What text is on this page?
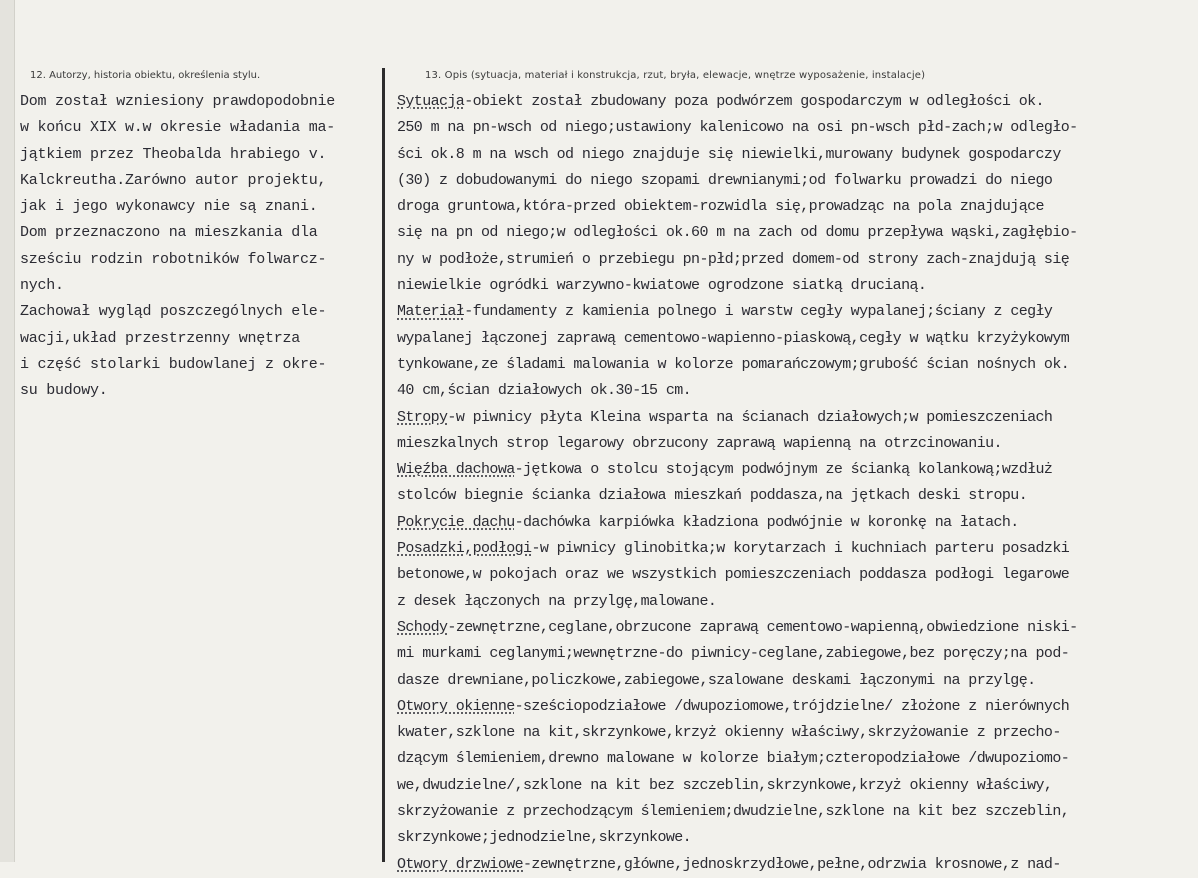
12. Autorzy, historia obiektu, określenia stylu.	13. Opis (sytuacja, materiał i konstrukcja, rzut, bryła, elewacje, wnętrze wyposażenie, instalacje)
Dom został wzniesiony prawdopodobnie
w końcu XIX w.w okresie władania ma-
jątkiem przez Theobalda hrabiego v.
Kalckreutha.Zarówno autor projektu,
jak i jego wykonawcy nie są znani.
Dom przeznaczono na mieszkania dla
sześciu rodzin robotników folwarcz-
nych.
Zachował wygląd poszczególnych ele-
wacji,układ przestrzenny wnętrza
i część stolarki budowlanej z okre-
su budowy.
Sytuacja-obiekt został zbudowany poza podwórzem gospodarczym w odległości ok.
250 m na pn-wsch od niego;ustawiony kalenicowo na osi pn-wsch płd-zach;w odległo-
ści ok.8 m na wsch od niego znajduje się niewielki,murowany budynek gospodarczy
(30) z dobudowanymi do niego szopami drewnianymi;od folwarku prowadzi do niego
droga gruntowa,która-przed obiektem-rozwidla się,prowadząc na pola znajdujące
się na pn od niego;w odległości ok.60 m na zach od domu przepływa wąski,zagłębio-
ny w podłoże,strumień o przebiegu pn-płd;przed domem-od strony zach-znajdują się
niewielkie ogródki warzywno-kwiatowe ogrodzone siatką drucianą.
Materiał-fundamenty z kamienia polnego i warstw cegły wypalanej;ściany z cegły
wypalanej łączonej zaprawą cementowo-wapienno-piaskową,cegły w wątku krzyżykowym
tynkowane,ze śladami malowania w kolorze pomarańczowym;grubość ścian nośnych ok.
40 cm,ścian działowych ok.30-15 cm.
Stropy-w piwnicy płyta Kleina wsparta na ścianach działowych;w pomieszczeniach
mieszkalnych strop legarowy obrzucony zaprawą wapienną na otrzcinowaniu.
Więźba dachowa-jętkowa o stolcu stojącym podwójnym ze ścianką kolankową;wzdłuż
stolców biegnie ścianka działowa mieszkań poddasza,na jętkach deski stropu.
Pokrycie dachu-dachówka karpiówka kładziona podwójnie w koronkę na łatach.
Posadzki,podłogi-w piwnicy glinobitka;w korytarzach i kuchniach parteru posadzki
betonowe,w pokojach oraz we wszystkich pomieszczeniach poddasza podłogi legarowe
z desek łączonych na przylgę,malowane.
Schody-zewnętrzne,ceglane,obrzucone zaprawą cementowo-wapienną,obwiedzione niski-
mi murkami ceglanymi;wewnętrzne-do piwnicy-ceglane,zabiegowe,bez poręczy;na pod-
dasze drewniane,policzkowe,zabiegowe,szalowane deskami łączonymi na przylgę.
Otwory okienne-sześciopodziałowe /dwupoziomowe,trójdzielne/ złożone z nierównych
kwater,szklone na kit,skrzynkowe,krzyż okienny właściwy,skrzyżowanie z przecho-
dzącym ślemieniem,drewno malowane w kolorze białym;czteropodziałowe /dwupoziomo-
we,dwudzielne/,szklone na kit bez szczeblin,skrzynkowe,krzyż okienny właściwy,
skrzyżowanie z przechodzącym ślemieniem;dwudzielne,szklone na kit bez szczeblin,
skrzynkowe;jednodzielne,skrzynkowe.
Otwory drzwiowe-zewnętrzne,główne,jednoskrzydłowe,pełne,odrzwia krosnowe,z nad-
